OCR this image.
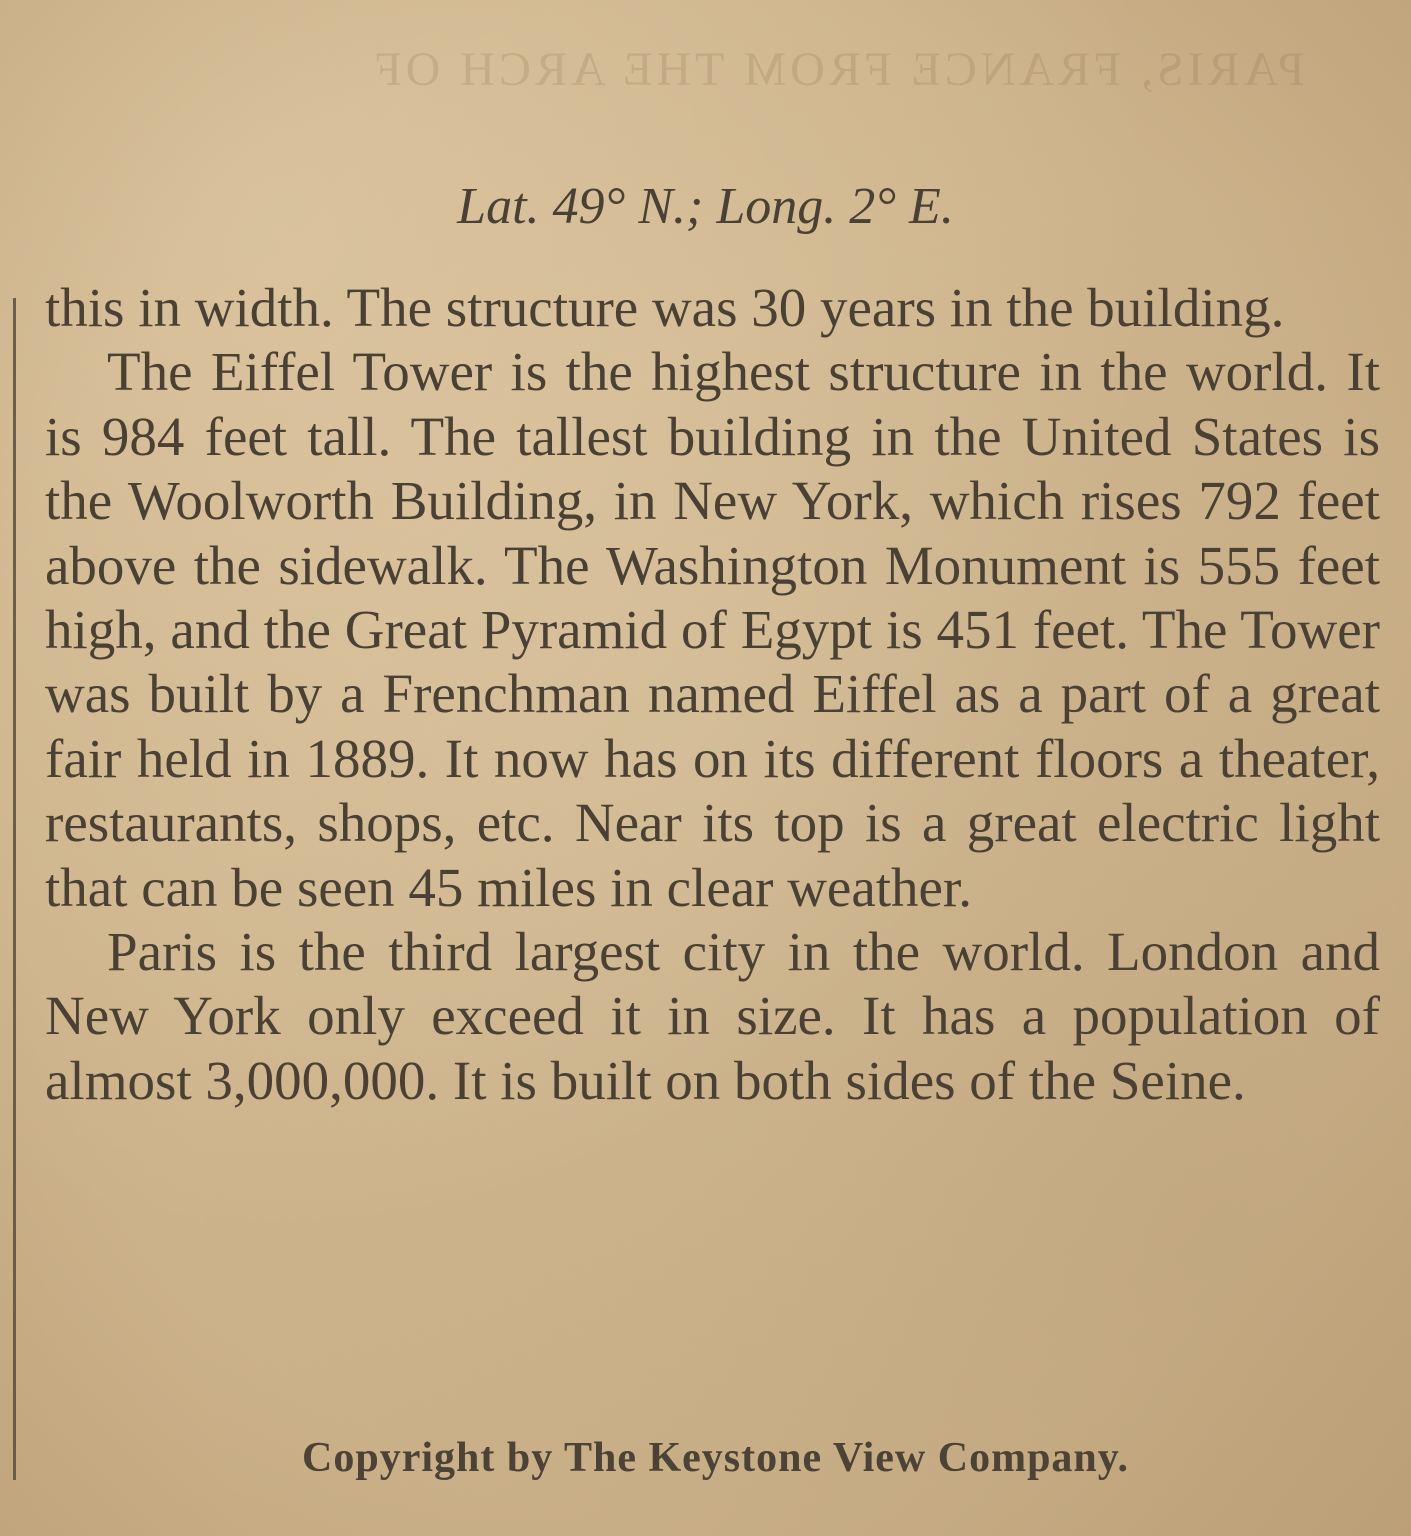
PARIS, FRANCE FROM THE ARCH OF
Lat. 49° N.; Long. 2° E.

this in width. The structure was 30 years in the building.

The Eiffel Tower is the highest structure in the world. It is 984 feet tall. The tallest building in the United States is the Woolworth Building, in New York, which rises 792 feet above the sidewalk. The Washington Monument is 555 feet high, and the Great Pyramid of Egypt is 451 feet. The Tower was built by a Frenchman named Eiffel as a part of a great fair held in 1889. It now has on its different floors a theater, restaurants, shops, etc. Near its top is a great electric light that can be seen 45 miles in clear weather.

Paris is the third largest city in the world. London and New York only exceed it in size. It has a population of almost 3,000,000. It is built on both sides of the Seine.

Copyright by The Keystone View Company.
